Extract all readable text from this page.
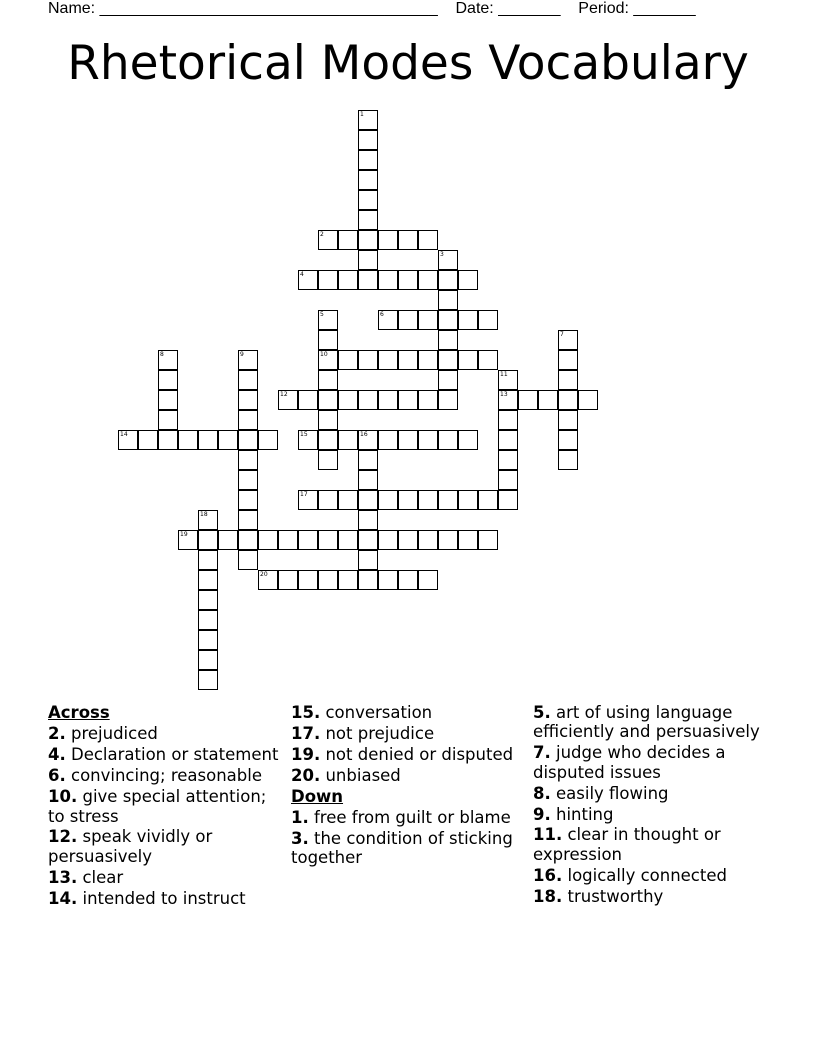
Name: ______________________________________ Date: _______ Period: _______
Rhetorical Modes Vocabulary
1
2
3
4
5	6
7
8	9	10
11
12	13
14	15	16
17
18
19
20
Across
2. prejudiced
4. Declaration or statement
6. convincing; reasonable
10. give special attention; to stress
12. speak vividly or persuasively
13. clear
14. intended to instruct
15. conversation
17. not prejudice
19. not denied or disputed
20. unbiased
Down
1. free from guilt or blame
3. the condition of sticking together
5. art of using language efficiently and persuasively
7. judge who decides a disputed issues
8. easily flowing
9. hinting
11. clear in thought or expression
16. logically connected
18. trustworthy
